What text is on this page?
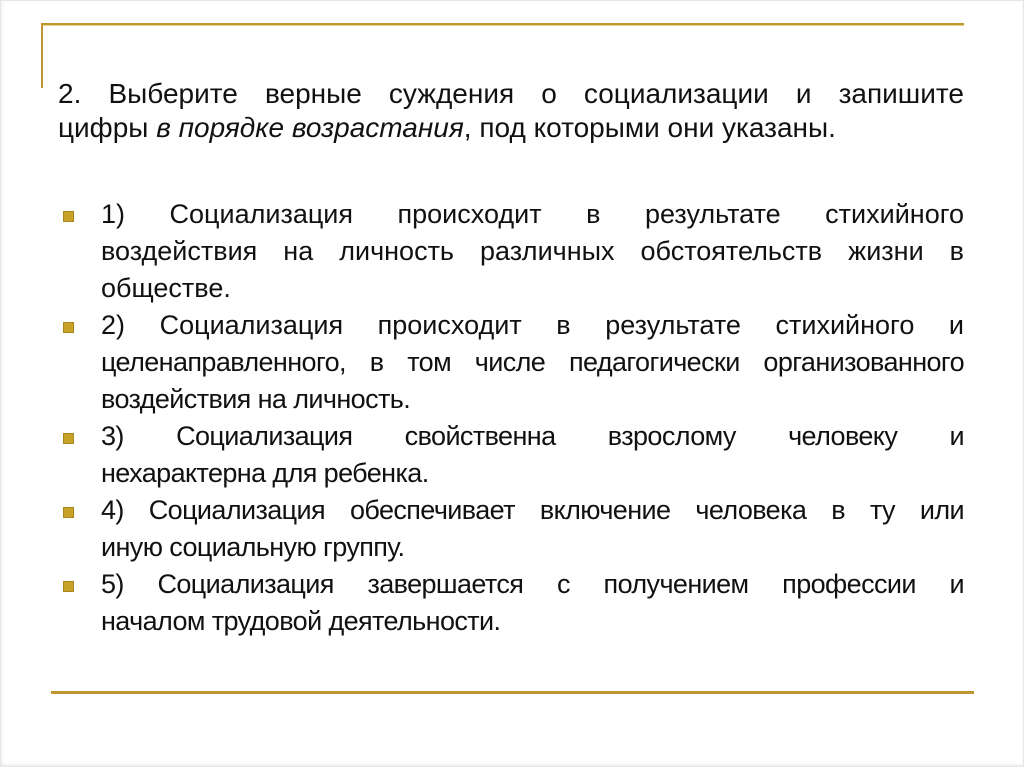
2. Выберите верные суждения о социализации и запишите
цифры в порядке возрастания, под которыми они указаны.
1) Социализация происходит в результате стихийного
воздействия на личность различных обстоятельств жизни в
обществе.
2) Социализация происходит в результате стихийного и
целенаправленного, в том числе педагогически организованного
воздействия на личность.
3) Социализация свойственна взрослому человеку и
нехарактерна для ребенка.
4) Социализация обеспечивает включение человека в ту или
иную социальную группу.
5) Социализация завершается с получением профессии и
началом трудовой деятельности.
